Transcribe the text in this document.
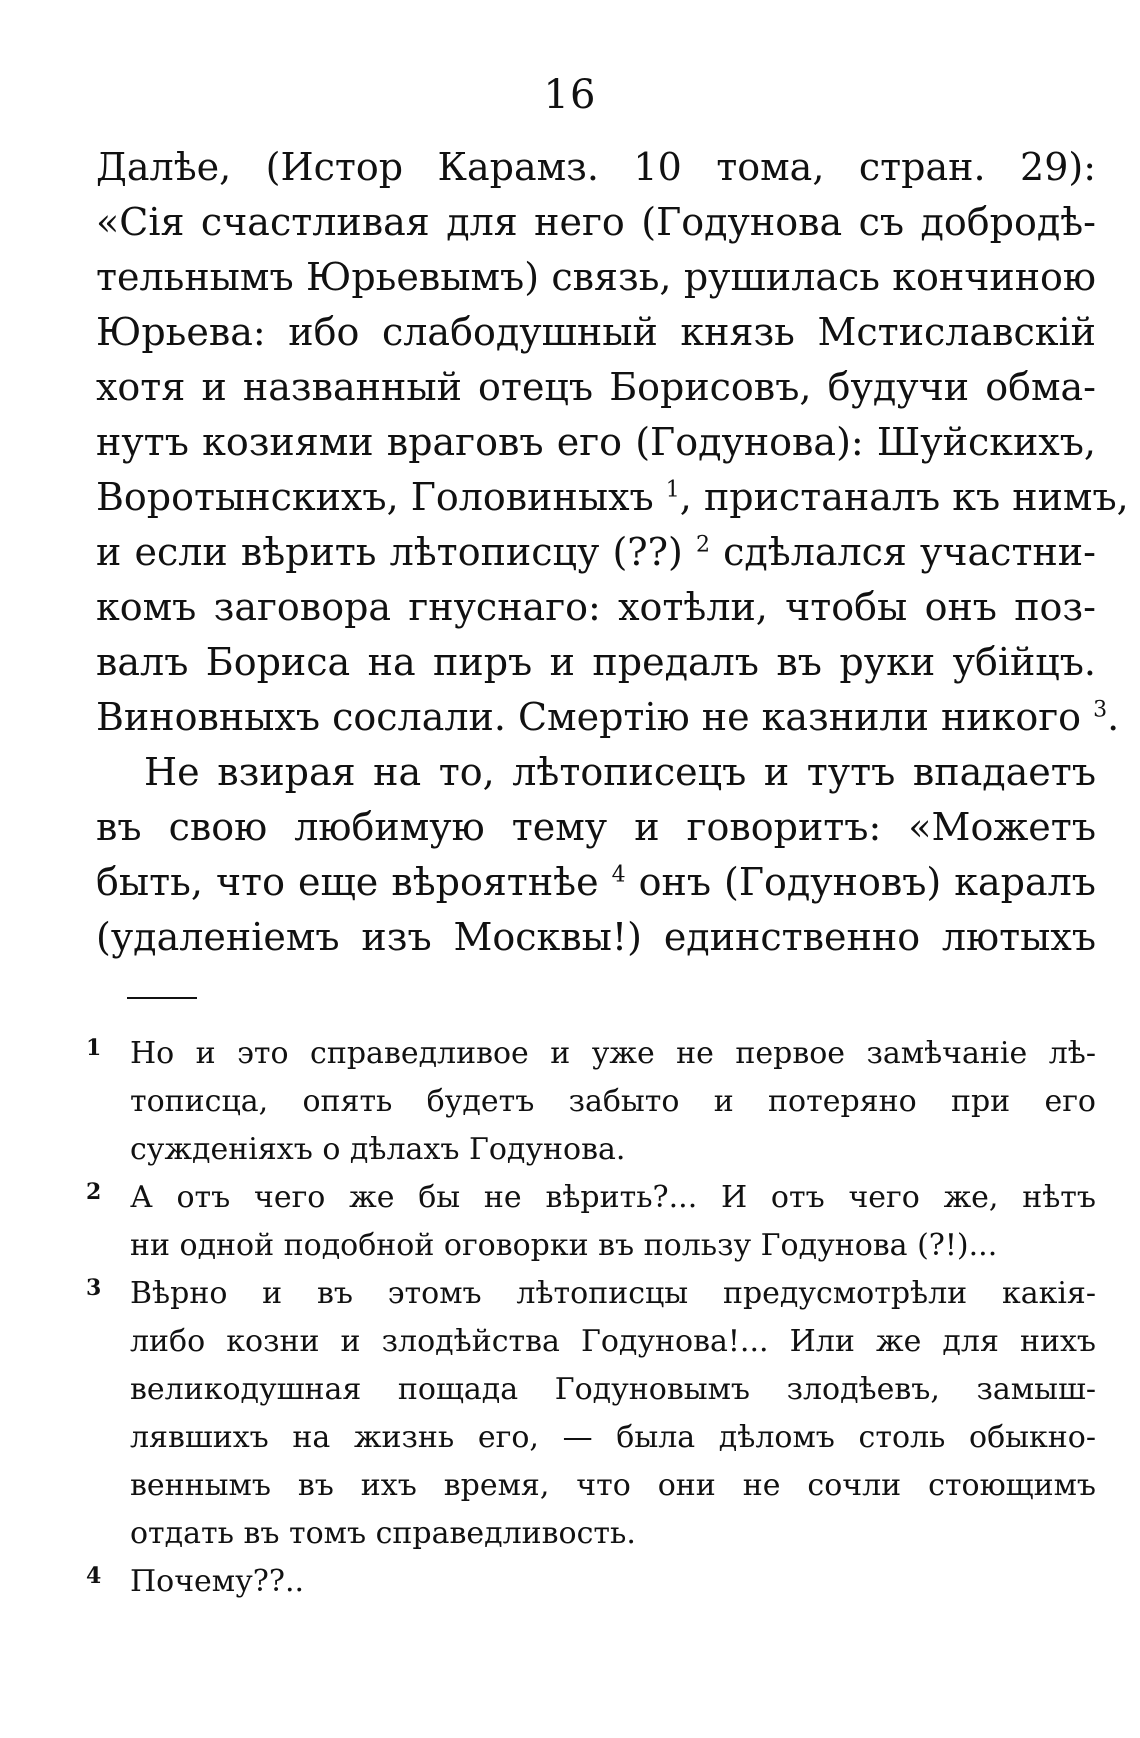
16
Далѣе, (Истор Карамз. 10 тома, стран. 29):
«Сія счастливая для него (Годунова съ добродѣ-
тельнымъ Юрьевымъ) связь, рушилась кончиною
Юрьева: ибо слабодушный князь Мстиславскій
хотя и названный отецъ Борисовъ, будучи обма-
нутъ козиями враговъ его (Годунова): Шуйскихъ,
Воротынскихъ, Головиныхъ $^1$, пристаналъ къ нимъ,
и если вѣрить лѣтописцу (??) $^2$ сдѣлался участни-
комъ заговора гнуснаго: хотѣли, чтобы онъ поз-
валъ Бориса на пиръ и предалъ въ руки убійцъ.
Виновныхъ сослали. Смертію не казнили никого $^3$.
Не взирая на то, лѣтописецъ и тутъ впадаетъ
въ свою любимую тему и говоритъ: «Можетъ
быть, что еще вѣроятнѣе $^4$ онъ (Годуновъ) каралъ
(удаленіемъ изъ Москвы!) единственно лютыхъ
1 Но и это справедливое и уже не первое замѣчаніе лѣ-
тописца, опять будетъ забыто и потеряно при его
сужденіяхъ о дѣлахъ Годунова.
2 А отъ чего же бы не вѣрить?... И отъ чего же, нѣтъ
ни одной подобной оговорки въ пользу Годунова (?!)...
3 Вѣрно и въ этомъ лѣтописцы предусмотрѣли какія-
либо козни и злодѣйства Годунова!... Или же для нихъ
великодушная пощада Годуновымъ злодѣевъ, замыш-
лявшихъ на жизнь его, — была дѣломъ столь обыкно-
веннымъ въ ихъ время, что они не сочли стоющимъ
отдать въ томъ справедливость.
4 Почему??..
